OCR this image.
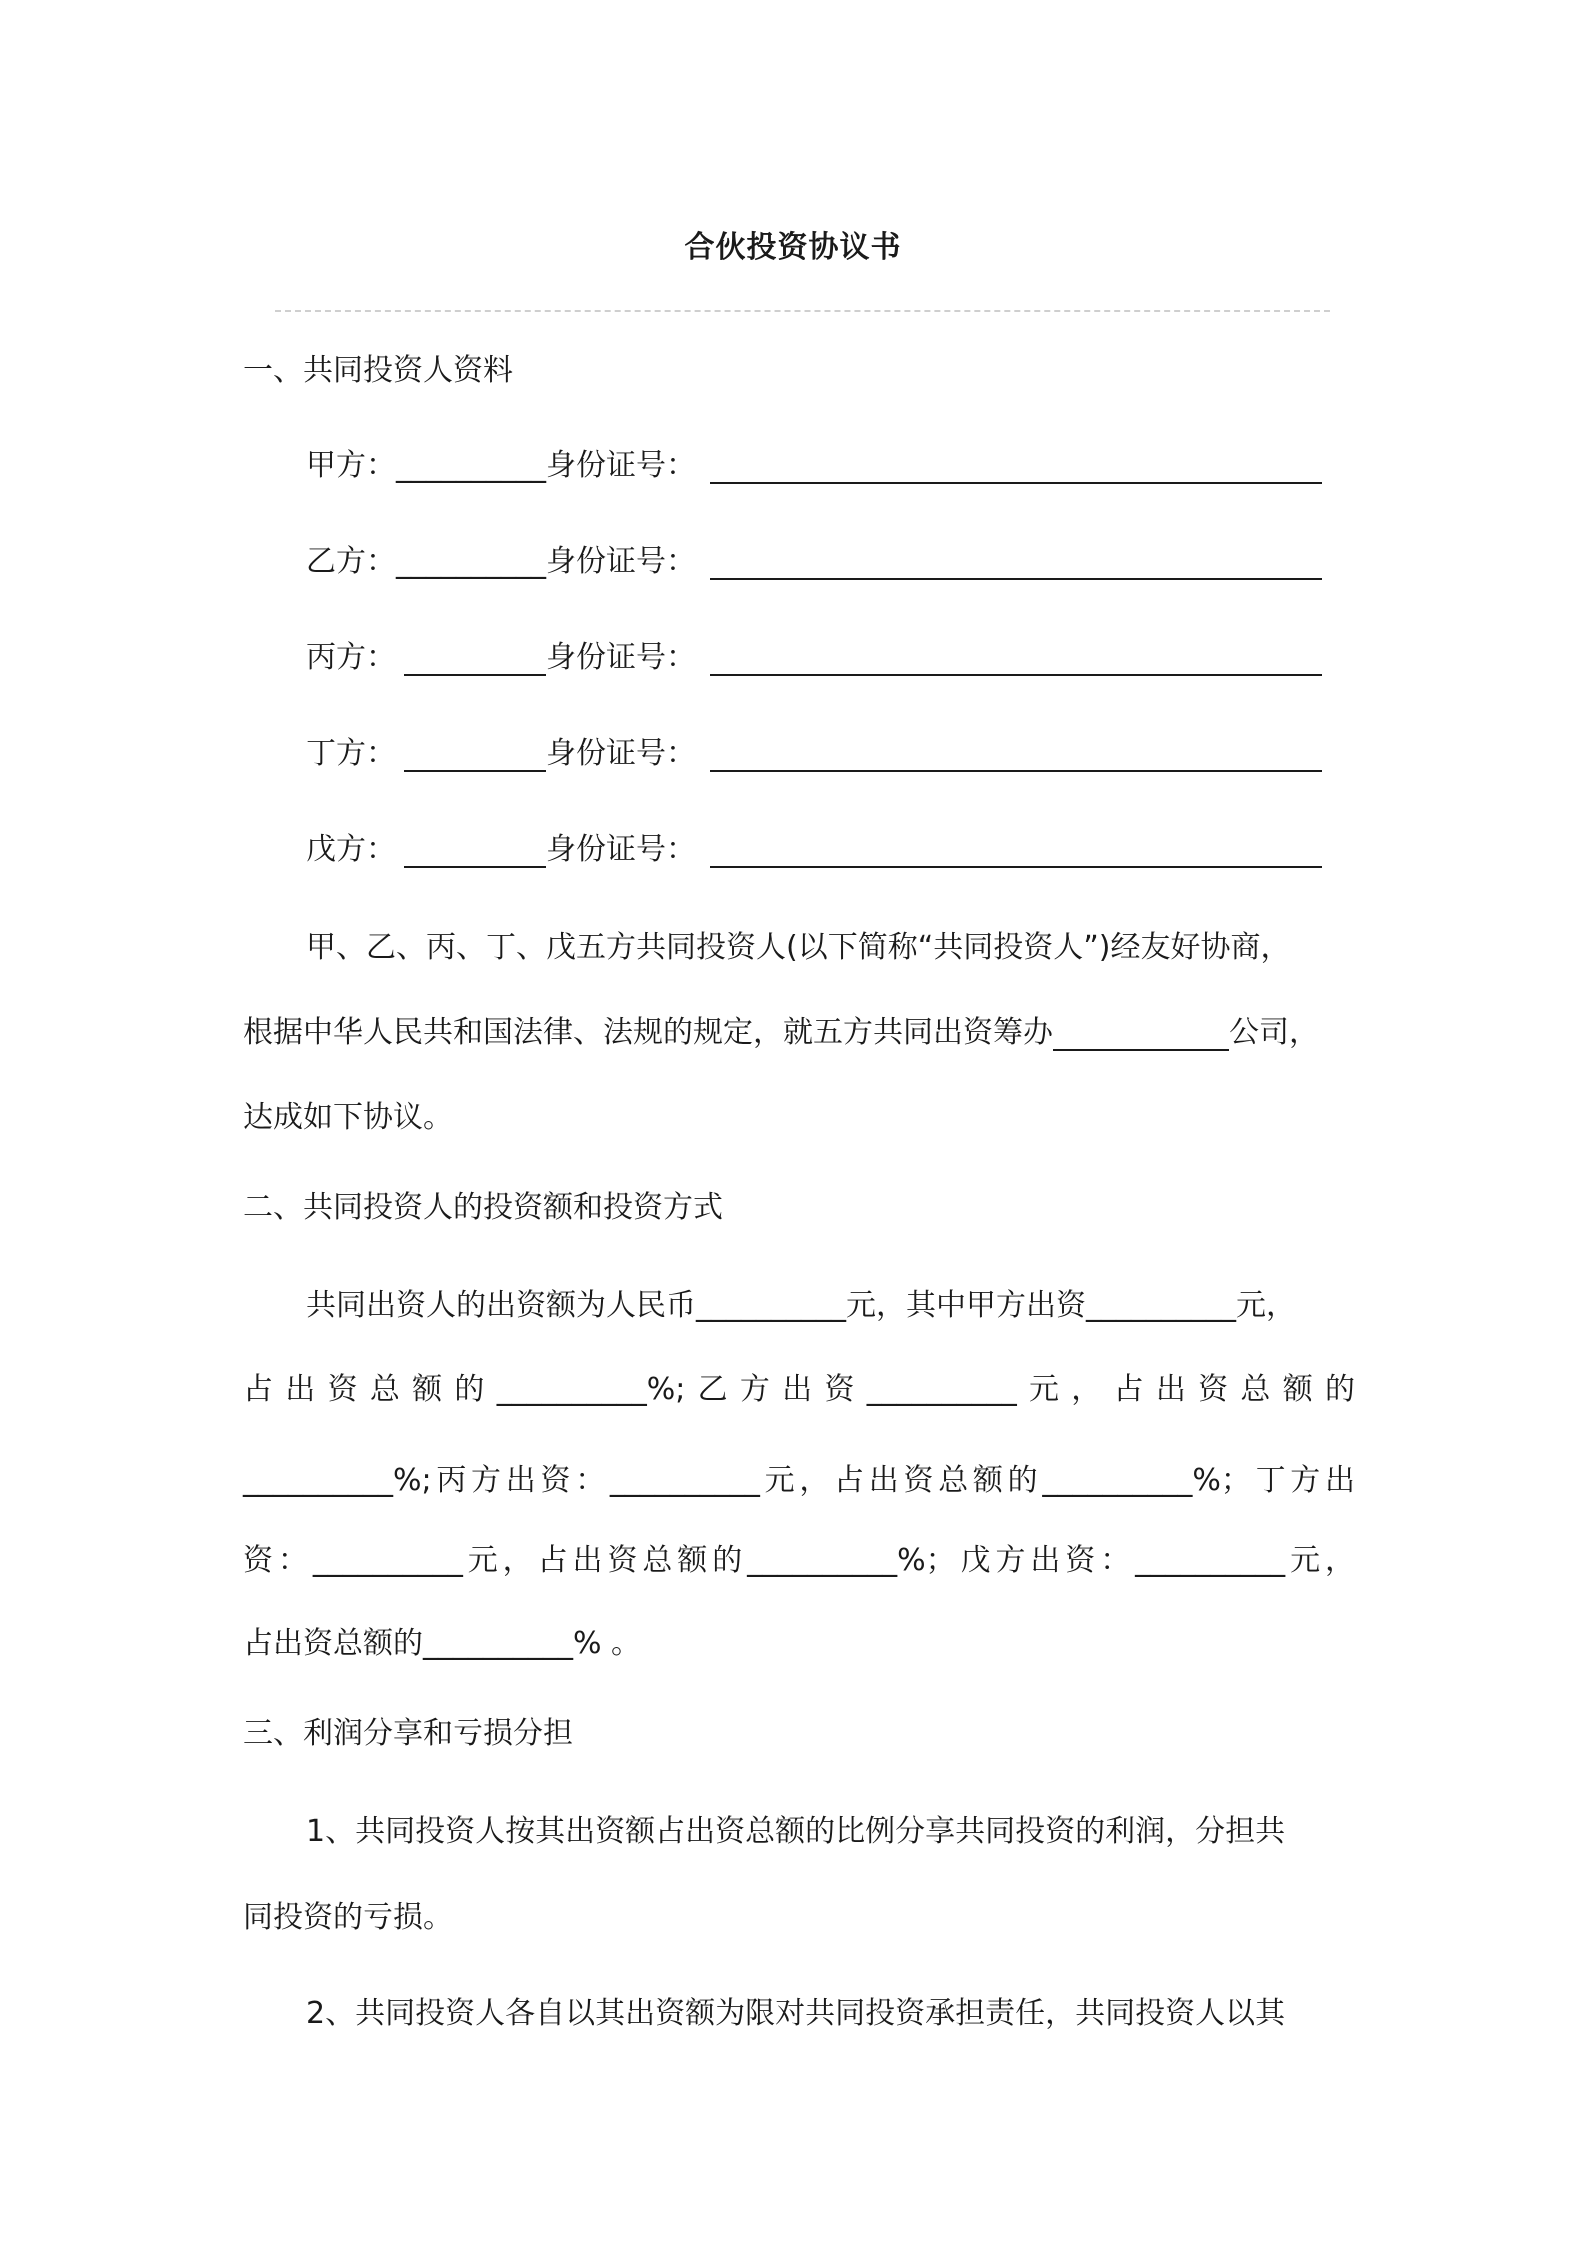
合伙投资协议书
一、共同投资人资料
甲方：__________身份证号：
乙方：__________身份证号：
丙方：	身份证号：
丁方：	身份证号：
戊方：	身份证号：
甲、乙、丙、丁、戊五方共同投资人(以下简称“共同投资人”)经友好协商，
根据中华人民共和国法律、法规的规定，就五方共同出资筹办	公司，
达成如下协议。
二、共同投资人的投资额和投资方式
共同出资人的出资额为人民币__________元，其中甲方出资__________元，
占出资总额的__________%;乙方出资__________元，占出资总额的
__________%;丙方出资：__________元，占出资总额的__________%；丁方出
资：__________元，占出资总额的__________%；戊方出资：__________元，
占出资总额的__________% 。
三、利润分享和亏损分担
1、共同投资人按其出资额占出资总额的比例分享共同投资的利润，分担共
同投资的亏损。
2、共同投资人各自以其出资额为限对共同投资承担责任，共同投资人以其
